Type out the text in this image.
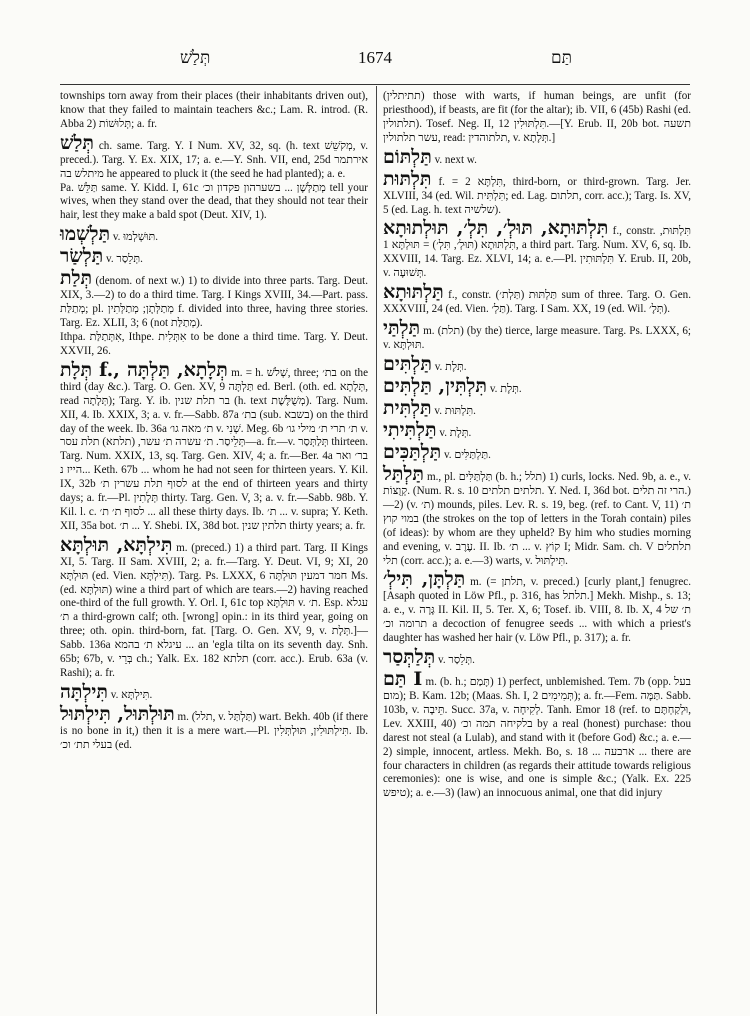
תְּלַשׁ	1674	תַּם

townships torn away from their places (their inhabitants driven out), know that they failed to maintain teachers &c.; Lam. R. introd. (R. Abba 2) תְּלוּשׁוֹת; a. fr.

תְּלַשׁ ch. same. Targ. Y. I Num. XV, 32, sq. (h. text מְקֹשֵׁשׁ, v. preced.). Targ. Y. Ex. XIX, 17; a. e.—Y. Snh. VII, end, 25d אירתמר מיתלש בה he appeared to pluck it (the seed he had planted); a. e.

Pa. תַּלֵּשׁ same. Y. Kidd. I, 61c מְתַלְּשָׁן ... בשערהון פקדון וכ׳ tell your wives, when they stand over the dead, that they should not tear their hair, lest they make a bald spot (Deut. XIV, 1).

תַּלְשְׁמוּ v. תּוּשְׁלְמוּ.

תַּלְשַׂר v. תְּלֵסַר.

תְּלַת (denom. of next w.) 1) to divide into three parts. Targ. Deut. XIX, 3.—2) to do a third time. Targ. I Kings XVIII, 34.—Part. pass. מְתַלַּת; pl. מְתַלְּתָן; מְתַלְּתִין f. divided into three, having three stories. Targ. Ez. XLII, 3; 6 (not מְתַלַּת).

Ithpa. אִתְּתַלַּת, Ithpe. אִתְּלִית to be done a third time. Targ. Y. Deut. XXVII, 26.

תְּלָת f., תְּלָתָא, תַּלְתָּה m. = h. שְׁלֹשׁ, three; בת׳ on the third (day &c.). Targ. O. Gen. XV, 9 תַּלְתָּה ed. Berl. (oth. ed. תְּלָתָא, read תְּלָתָה); Targ. Y. ib. בר תלת שנין (h. text מְשֻׁלֶּשֶׁת). Targ. Num. XII, 4. Ib. XXIX, 3; a. v. fr.—Sabb. 87a בת׳ (sub. בשבא) on the third day of the week. Ib. 36a ת׳ מאה גו׳ v. שְׁנִי. Meg. 6b ת׳ תרי ת׳ מילי גו׳ v. תְּלֵיסַר. ת׳ עשרה ת׳ עשר, (תלתא) תלת עסר—a. fr.—v. תְּלַתְּסַר thirteen. Targ. Num. XXIX, 13, sq. Targ. Gen. XIV, 4; a. fr.—Ber. 4a בר׳ ואר הייז נ... Keth. 67b ... whom he had not seen for thirteen years. Y. Kil. IX, 32b לסוף תלת עשרין ת׳ at the end of thirteen years and thirty days; a. fr.—Pl. תְּלָתִין thirty. Targ. Gen. V, 3; a. v. fr.—Sabb. 98b. Y. Kil. l. c. לסוף ת׳ ת׳ ... all these thirty days. Ib. ת׳ ... v. supra; Y. Keth. XII, 35a bot. ת׳ ... Y. Shebi. IX, 38d bot. תלתין שנין thirty years; a. fr.

תִּילְתָּא, תּוּלְתָּא m. (preced.) 1) a third part. Targ. II Kings XI, 5. Targ. II Sam. XVIII, 2; a. fr.—Targ. Y. Deut. VI, 9; XI, 20 תּוּלְתָּא (ed. Vien. תִּילְתָּא). Targ. Ps. LXXX, 6 חמר דמעין תּוּלְתָּה Ms. (ed. תּוּלְתָּא) wine a third part of which are tears.—2) having reached one-third of the full growth. Y. Orl. I, 61c top תּוּלְתָּא v. ת׳. Esp. עגלא ת׳ a third-grown calf; oth. [wrong] opin.: in its third year, going on three; oth. opin. third-born, fat. [Targ. O. Gen. XV, 9, v. תְּלָת.]—Sabb. 136a עיגלא ת׳ בהמא ... an 'egla tilta on its seventh day. Snh. 65b; 67b, v. בְּרֵי ch.; Yalk. Ex. 182 תלתא (corr. acc.). Erub. 63a (v. Rashi); a. fr.

תִּילְתָּה v. תִּילְתָּא.

תּוּלְתּוּל, תִּילְתּוּל m. (תלל, v. תַּלְתַּל) wart. Bekh. 40b (if there is no bone in it,) then it is a mere wart.—Pl. תִּילְתּוּלִין, תּוּלְתְּלִין. Ib. בעלי תת׳ וכ׳ (ed.

(תתיתלין) those with warts, if human beings, are unfit (for priesthood), if beasts, are fit (for the altar); ib. VII, 6 (45b) Rashi (ed. תלתולין). Tosef. Neg. II, 12 תִּלְתּוּלִין.—[Y. Erub. II, 20b bot. תשעה עשר תלתולין, read: תלתוהדין, v. תְּלָתָא.]

תַּלְתּוֹם v. next w.

תִּלְתּוּת f. = תִּלְתָּא 2, third-born, or third-grown. Targ. Jer. XLVIII, 34 (ed. Wil. תִּלְתִּית; ed. Lag. תלתום, corr. acc.); Targ. Is. XV, 5 (ed. Lag. h. text שלשיה).

תִּלְתּוּתָא, תּוּלְ׳, תִּלְ׳, תּוּלְתוּתָא f., constr. תִּלְתּוּת, תִּלְתּוּתָא (תּוּלְ׳, תִּלְ׳) = תּוּלְתָּא 1, a third part. Targ. Num. XV, 6, sq. Ib. XXVIII, 14. Targ. Ez. XLVI, 14; a. e.—Pl. תִּלְתּוּתִין Y. Erub. II, 20b, v. תְּשׁוּעָה.

תַּלְתּוּתָא f., constr. תַּלְתּוּת (תַּלְת׳) sum of three. Targ. O. Gen. XXXVIII, 24 (ed. Vien. תַּלְ׳). Targ. I Sam. XX, 19 (ed. Wil. תְּלָ׳).

תַּלְתַּי m. (תלת) (by the) tierce, large measure. Targ. Ps. LXXX, 6; v. תּוּלְתָּא.

תַּלְתִּים v. תְּלָת.

תִּלְתִּין, תַּלְתִּים v. תְּלָת.

תַּלְתִּית v. תִּלְתּוּת.

תַּלְתִּיתִי v. תְּלָת.

תַּלְתַּכִּים v. תַּלְתַּלִּים.

תַּלְתַּל m., pl. תַּלְתַּלִּים (b. h.; תלל) 1) curls, locks. Ned. 9b, a. e., v. קְוֻצּוֹת. (Num. R. s. 10 תלתים תלתים. Y. Ned. I, 36d bot. הרי זה תלים.)—2) (v. ת׳) mounds, piles. Lev. R. s. 19, beg. (ref. to Cant. V, 11) ת׳ במוי קוץ (the strokes on the top of letters in the Torah contain) piles (of ideas): by whom are they upheld? By him who studies morning and evening, v. עֶרֶב. II. Ib. ת׳ ... v. קוֹץ I; Midr. Sam. ch. V תלתלים תלי (corr. acc.); a. e.—3) warts, v. תִּילְתּוּל.

תַּלְתָּן, תִּילְ׳ m. (= תלתן, v. preced.) [curly plant,] fenugrec. [Asaph quoted in Löw Pfl., p. 316, has תלתל.] Mekh. Mishp., s. 13; a. e., v. גָּרָה II. Kil. II, 5. Ter. X, 6; Tosef. ib. VIII, 8. Ib. X, 4 ת׳ של תרומה וכ׳ a decoction of fenugree seeds ... with which a priest's daughter has washed her hair (v. Löw Pfl., p. 317); a. fr.

תְּלַתְּסַר v. תְּלֵסַר.

תַּם I m. (b. h.; תָּמַם) 1) perfect, unblemished. Tem. 7b (opp. בעל מום); B. Kam. 12b; (Maas. Sh. I, 2 תְּמִימִים); a. fr.—Fem. תַּמָּה. Sabb. 103b, v. תֵּיבָה. Succ. 37a, v. לְקִיחָה. Tanh. Emor 18 (ref. to וּלְקַחְתֶּם, Lev. XXIII, 40) בלקיחה תמה וכ׳ by a real (honest) purchase: thou darest not steal (a Lulab), and stand with it (before God) &c.; a. e.—2) simple, innocent, artless. Mekh. Bo, s. 18 ... ארבעה ... there are four characters in children (as regards their attitude towards religious ceremonies): one is wise, and one is simple &c.; (Yalk. Ex. 225 טיפש); a. e.—3) (law) an innocuous animal, one that did injury
